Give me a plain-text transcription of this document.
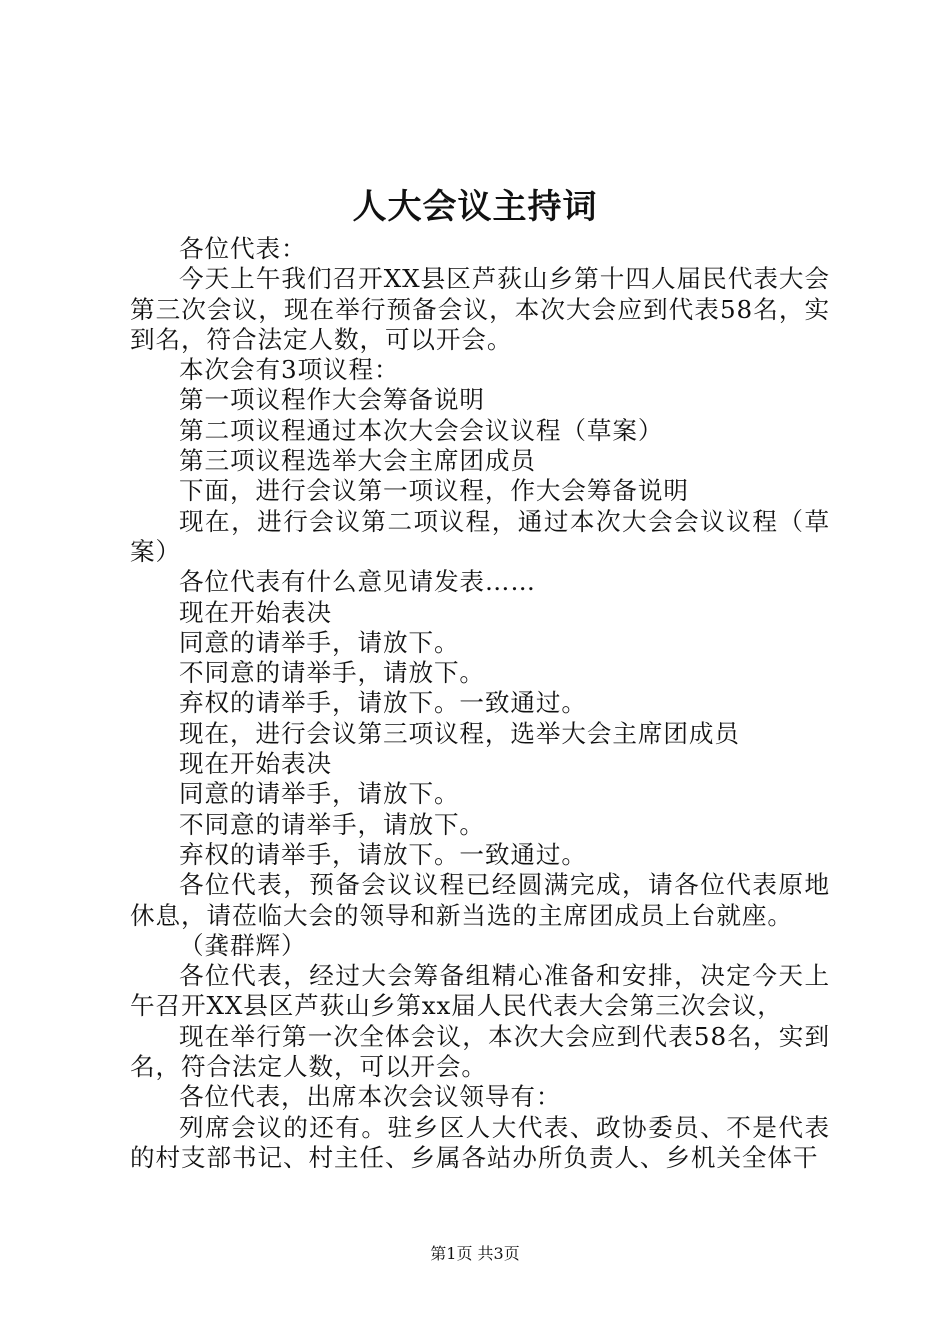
人大会议主持词

各位代表：

今天上午我们召开XX县区芦荻山乡第十四人届民代表大会第三次会议，现在举行预备会议，本次大会应到代表58名，实到名，符合法定人数，可以开会。

本次会有3项议程：

第一项议程作大会筹备说明

第二项议程通过本次大会会议议程（草案）

第三项议程选举大会主席团成员

下面，进行会议第一项议程，作大会筹备说明

现在，进行会议第二项议程，通过本次大会会议议程（草案）

各位代表有什么意见请发表……

现在开始表决

同意的请举手，请放下。

不同意的请举手，请放下。

弃权的请举手，请放下。一致通过。

现在，进行会议第三项议程，选举大会主席团成员

现在开始表决

同意的请举手，请放下。

不同意的请举手，请放下。

弃权的请举手，请放下。一致通过。

各位代表，预备会议议程已经圆满完成，请各位代表原地休息，请莅临大会的领导和新当选的主席团成员上台就座。

（龚群辉）

各位代表，经过大会筹备组精心准备和安排，决定今天上午召开XX县区芦荻山乡第xx届人民代表大会第三次会议，

现在举行第一次全体会议，本次大会应到代表58名，实到名，符合法定人数，可以开会。

各位代表，出席本次会议领导有：

列席会议的还有。驻乡区人大代表、政协委员、不是代表的村支部书记、村主任、乡属各站办所负责人、乡机关全体干

第1页 共3页
